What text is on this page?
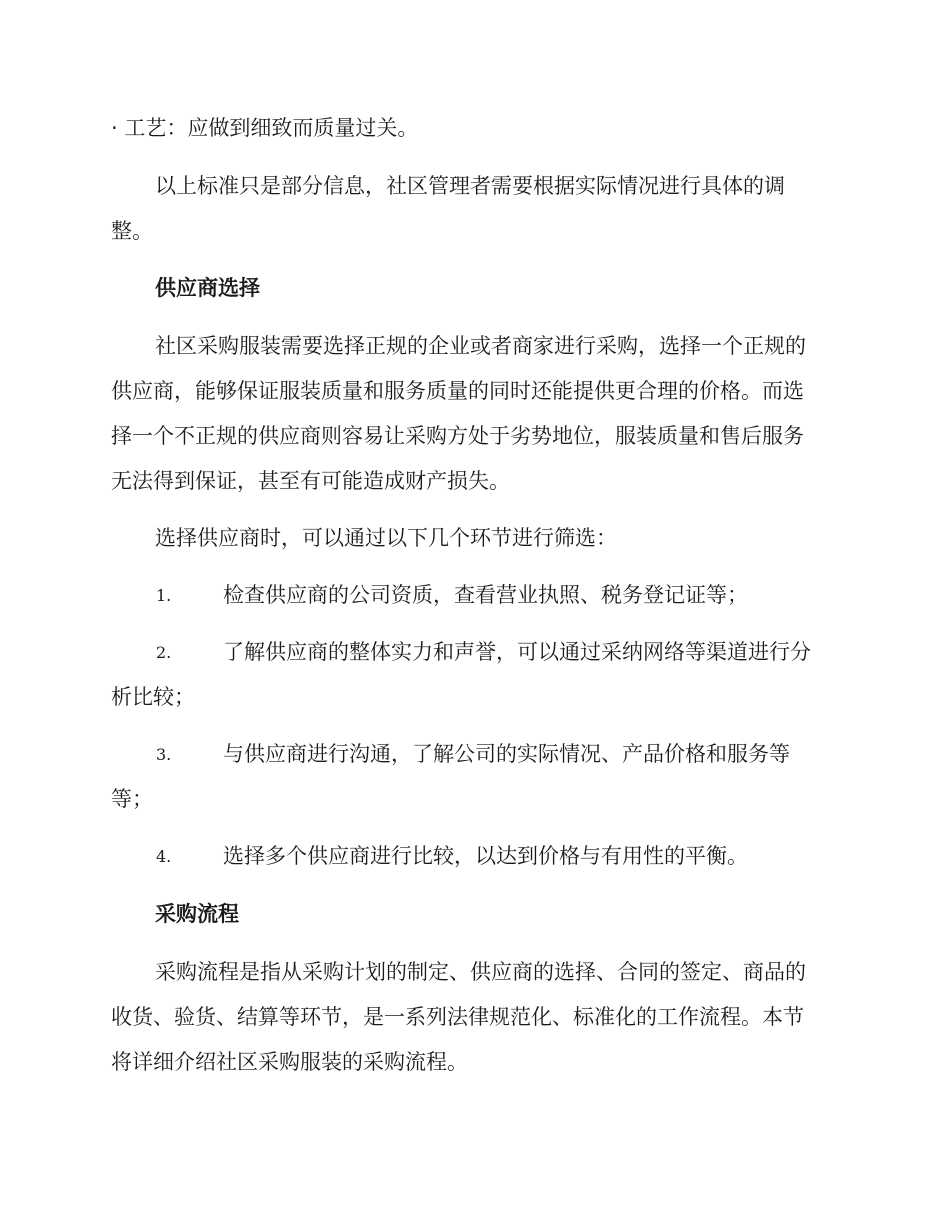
· 工艺：应做到细致而质量过关。
以上标准只是部分信息，社区管理者需要根据实际情况进行具体的调
整。
供应商选择
社区采购服装需要选择正规的企业或者商家进行采购，选择一个正规的
供应商，能够保证服装质量和服务质量的同时还能提供更合理的价格。而选
择一个不正规的供应商则容易让采购方处于劣势地位，服装质量和售后服务
无法得到保证，甚至有可能造成财产损失。
选择供应商时，可以通过以下几个环节进行筛选：
1. 检查供应商的公司资质，查看营业执照、税务登记证等；
2. 了解供应商的整体实力和声誉，可以通过采纳网络等渠道进行分
析比较；
3. 与供应商进行沟通，了解公司的实际情况、产品价格和服务等
等；
4. 选择多个供应商进行比较，以达到价格与有用性的平衡。
采购流程
采购流程是指从采购计划的制定、供应商的选择、合同的签定、商品的
收货、验货、结算等环节，是一系列法律规范化、标准化的工作流程。本节
将详细介绍社区采购服装的采购流程。
